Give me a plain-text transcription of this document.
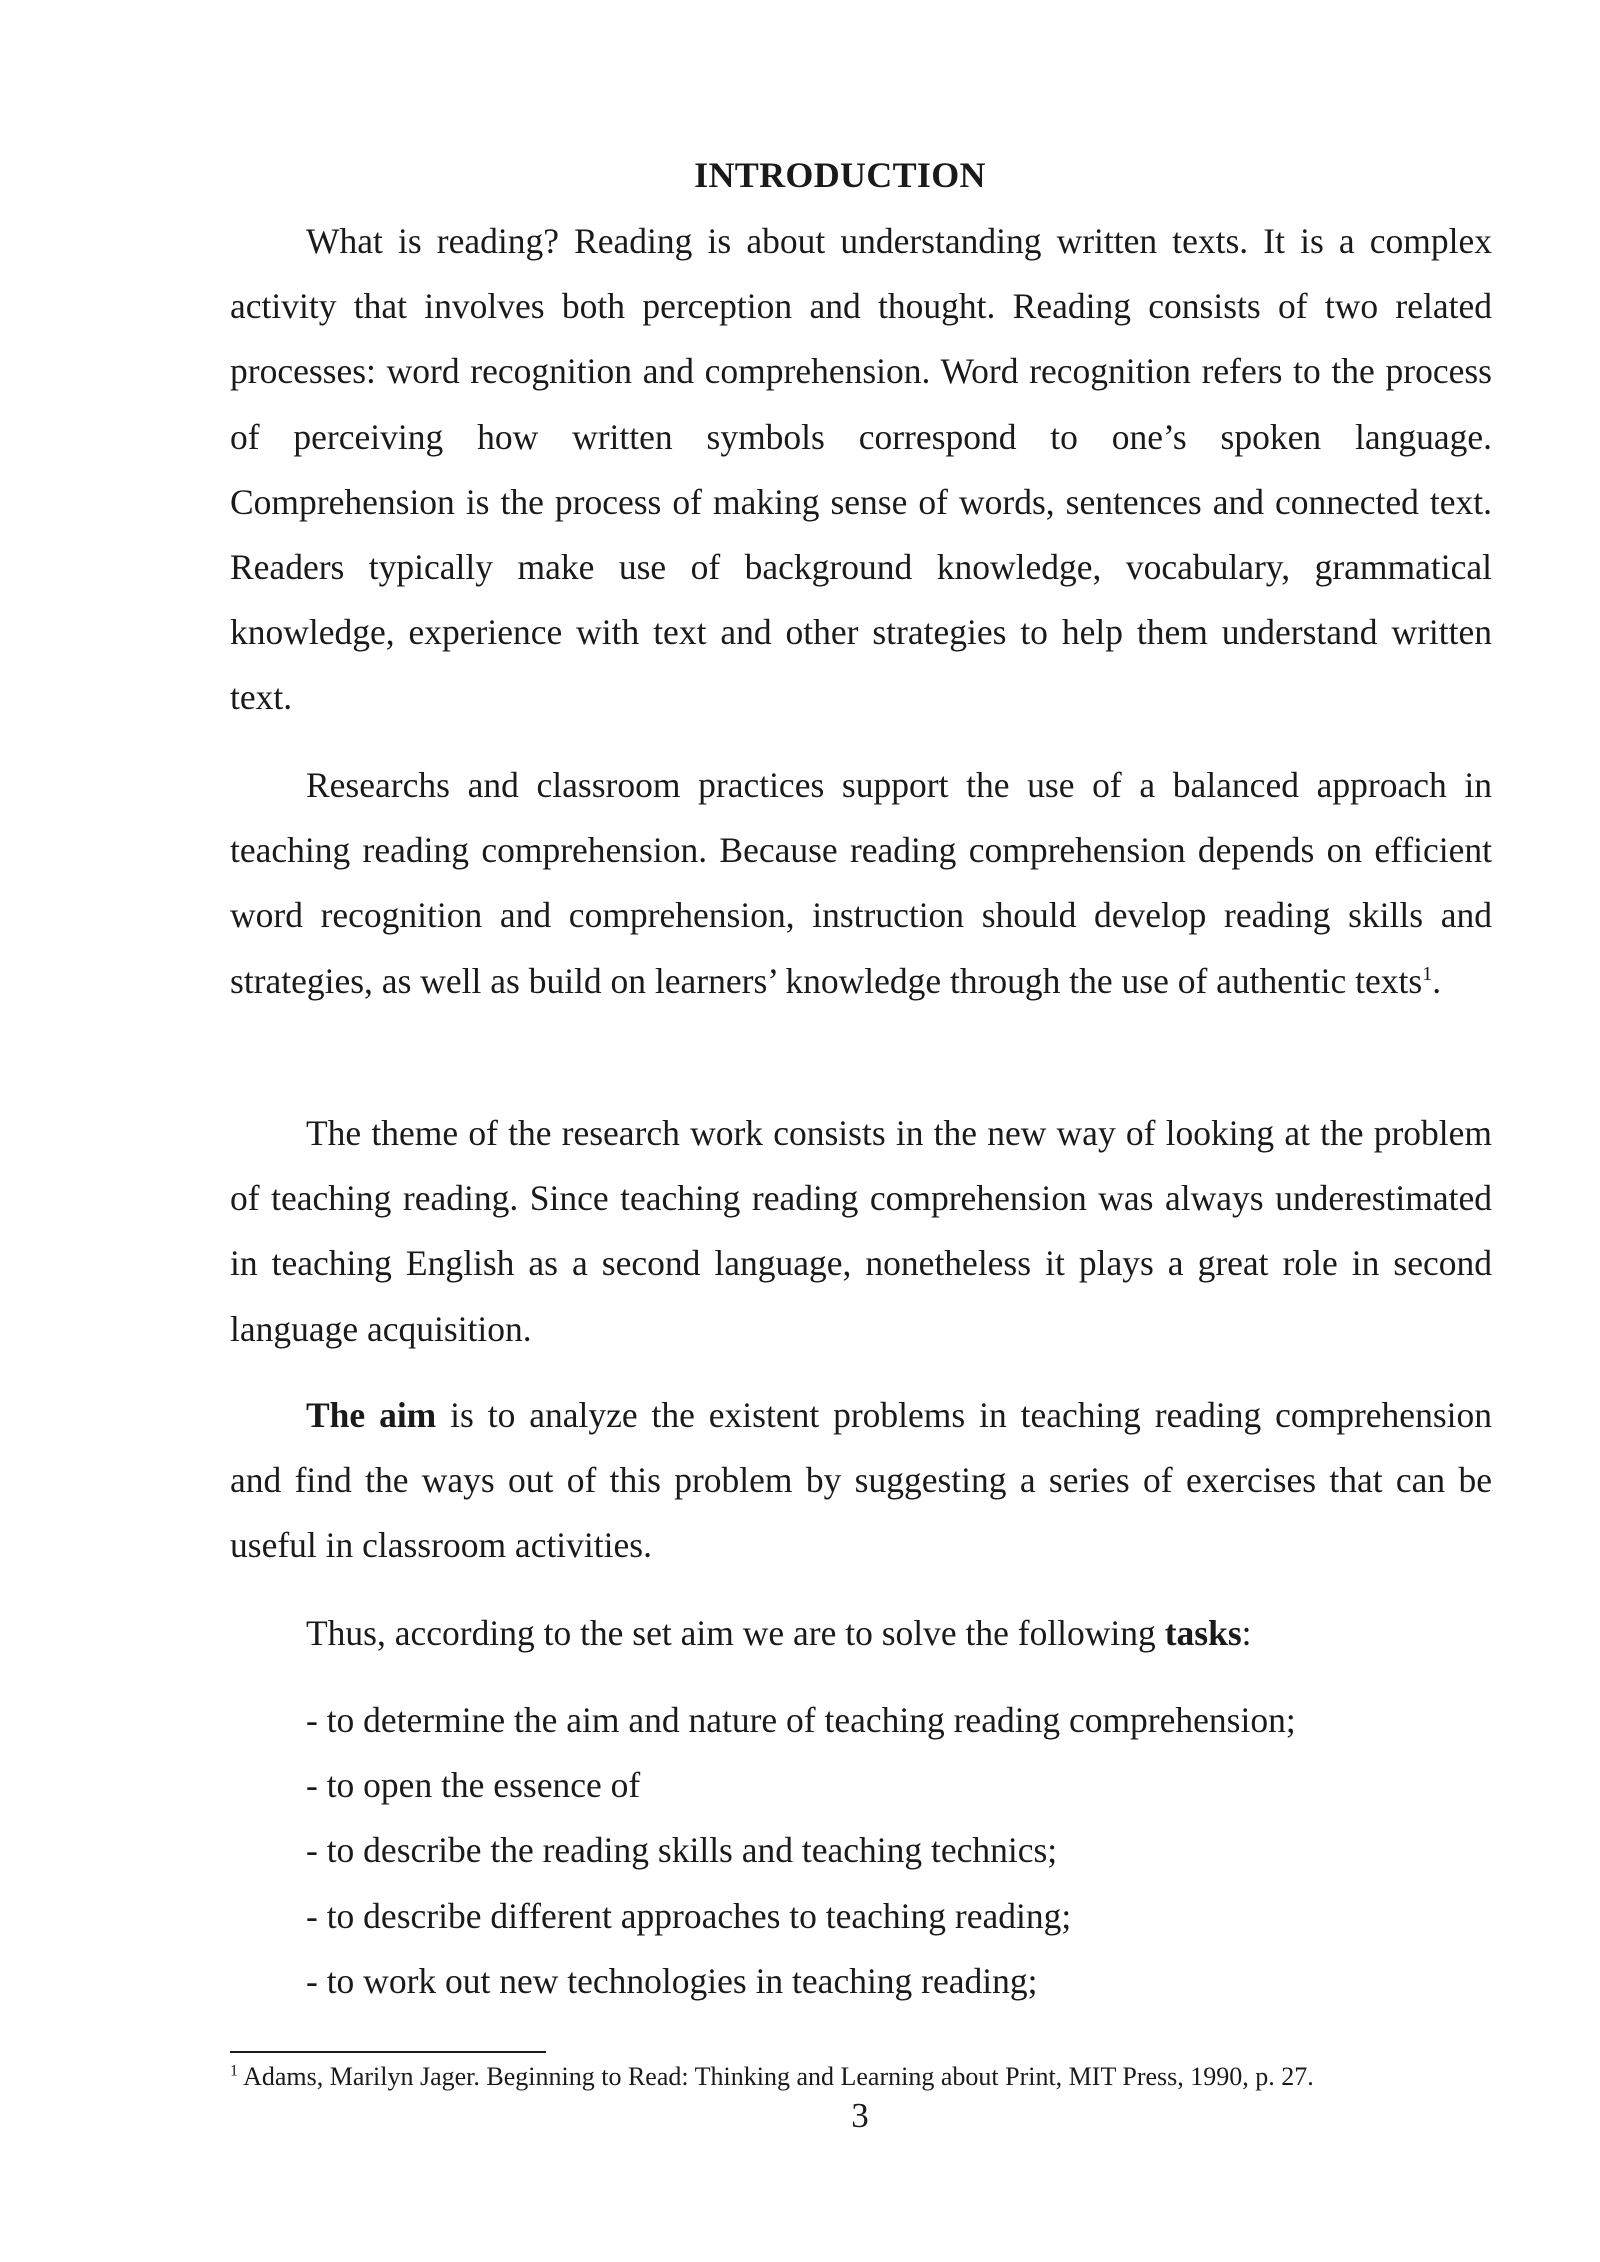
INTRODUCTION

What is reading? Reading is about understanding written texts. It is a complex activity that involves both perception and thought. Reading consists of two related processes: word recognition and comprehension. Word recognition refers to the process of perceiving how written symbols correspond to one’s spoken language. Comprehension is the process of making sense of words, sentences and connected text. Readers typically make use of background knowledge, vocabulary, grammatical knowledge, experience with text and other strategies to help them understand written text.

Researchs and classroom practices support the use of a balanced approach in teaching reading comprehension. Because reading comprehension depends on efficient word recognition and comprehension, instruction should develop reading skills and strategies, as well as build on learners’ knowledge through the use of authentic texts$^1$.

The theme of the research work consists in the new way of looking at the problem of teaching reading. Since teaching reading comprehension was always underestimated in teaching English as a second language, nonetheless it plays a great role in second language acquisition.

The aim is to analyze the existent problems in teaching reading comprehension and find the ways out of this problem by suggesting a series of exercises that can be useful in classroom activities.

Thus, according to the set aim we are to solve the following tasks:

- to determine the aim and nature of teaching reading comprehension;
- to open the essence of
- to describe the reading skills and teaching technics;
- to describe different approaches to teaching reading;
- to work out new technologies in teaching reading;

$^1$ Adams, Marilyn Jager. Beginning to Read: Thinking and Learning about Print, MIT Press, 1990, p. 27.

3
